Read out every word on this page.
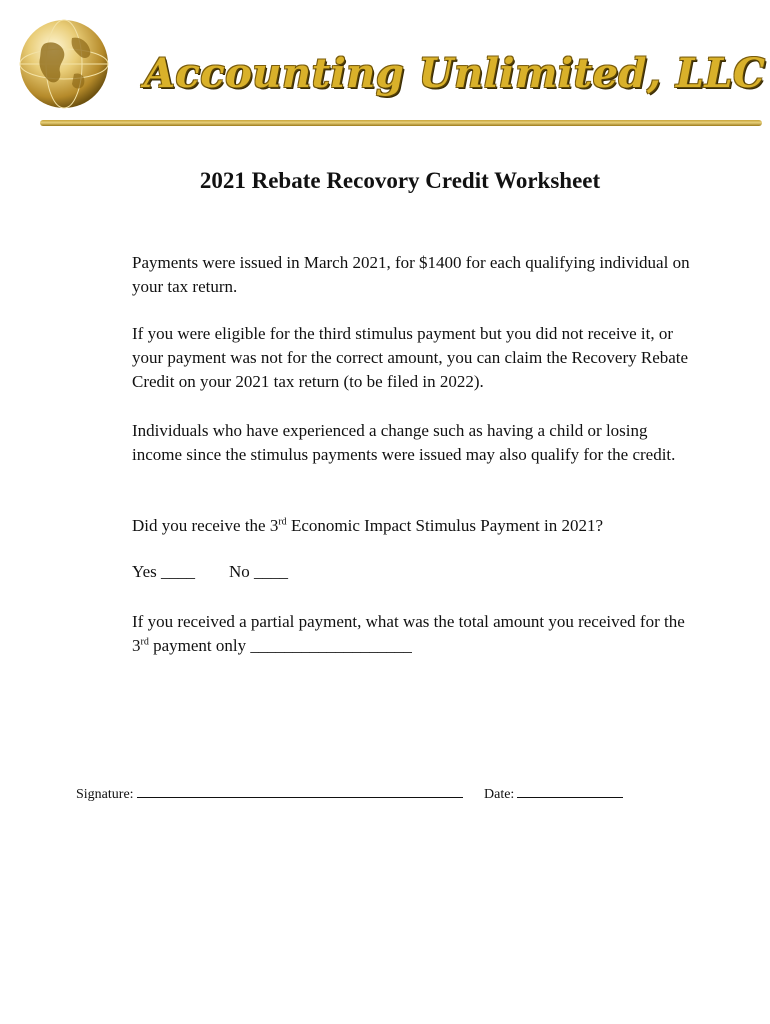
Accounting Unlimited, LLC
2021 Rebate Recovory Credit Worksheet

Payments were issued in March 2021, for $1400 for each qualifying individual on your tax return.

If you were eligible for the third stimulus payment but you did not receive it, or your payment was not for the correct amount, you can claim the Recovery Rebate Credit on your 2021 tax return (to be filed in 2022).

Individuals who have experienced a change such as having a child or losing income since the stimulus payments were issued may also qualify for the credit.

Did you receive the 3rd Economic Impact Stimulus Payment in 2021?

Yes ____ No ____

If you received a partial payment, what was the total amount you received for the 3rd payment only ___________________

Signature:	Date:
